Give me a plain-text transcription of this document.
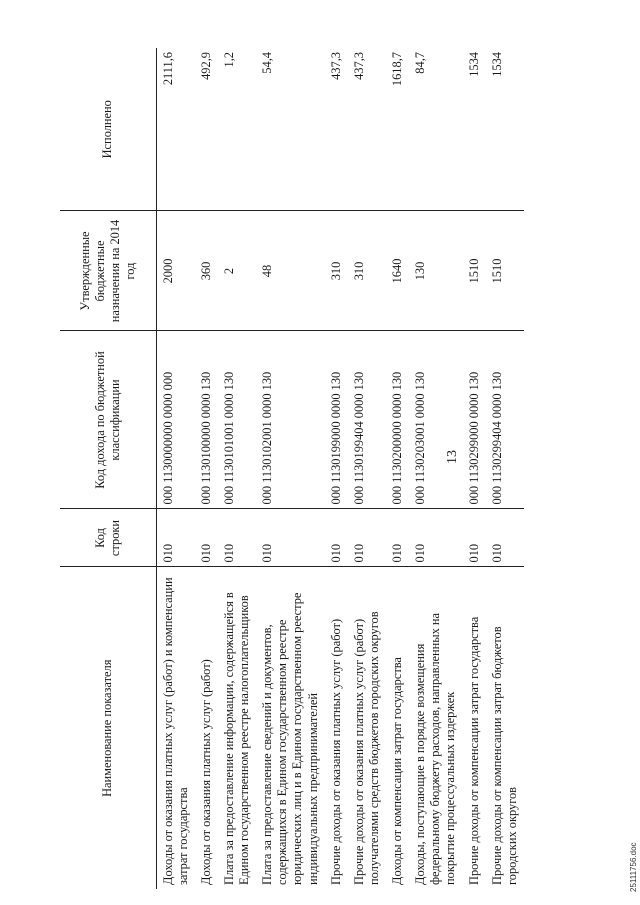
13
Наименование показателя	Код строки	Код дохода по бюджетной классификации	Утвержденные бюджетные назначения на 2014 год	Исполнено
Доходы от оказания платных услуг (работ) и компенсации затрат государства	010	000 1130000000 0000 000	2000	2111,6
Доходы от оказания платных услуг (работ)	010	000 1130100000 0000 130	360	492,9
Плата за предоставление информации, содержащейся в Едином государственном реестре налогоплательщиков	010	000 1130101001 0000 130	2	1,2
Плата за предоставление сведений и документов, содержащихся в Едином государственном реестре юридических лиц и в Едином государственном реестре индивидуальных предпринимателей	010	000 1130102001 0000 130	48	54,4
Прочие доходы от оказания платных услуг (работ)	010	000 1130199000 0000 130	310	437,3
Прочие доходы от оказания платных услуг (работ) получателями средств бюджетов городских округов	010	000 1130199404 0000 130	310	437,3
Доходы от компенсации затрат государства	010	000 1130200000 0000 130	1640	1618,7
Доходы, поступающие в порядке возмещения федеральному бюджету расходов, направленных на покрытие процессуальных издержек	010	000 1130203001 0000 130	130	84,7
Прочие доходы от компенсации затрат государства	010	000 1130299000 0000 130	1510	1534
Прочие доходы от компенсации затрат бюджетов городских округов	010	000 1130299404 0000 130	1510	1534
25111756.doc
